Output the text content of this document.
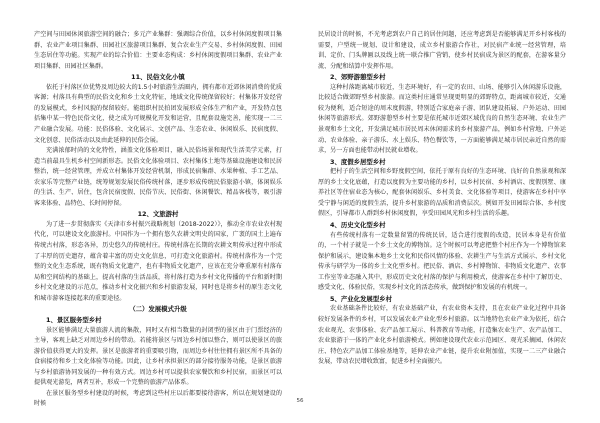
产空间与田园休闲旅游空间的融合；多元产业集群：强调综合价值，以乡村休闲度假项目集群、农业产业项目集群、田园社区旅游项目集群、复合农业生产交易、乡村休闲度假、田园生态居住等功能。实现产业的综合价值：主要业态构成：乡村休闲度假项目集群、农业产业项目集群、田园社区集群。

11、民俗文化小镇

依托于村落区位优势及周边较大的1.5小时旅游生活圈内，拥有都市近郊休闲消费的优质客源；村落具有典型的民俗文化和乡土文化特征，地域文化传统保留较好；村集体开发经营的发展模式，乡村风貌的保留较好。能组织村民拍团发展形成全体生产和产业，开发特点包括集中某一特色民俗文化，使之成为可规模化开发和运营，且配套设施完善，能实现一二三产业融合发展。功能：民俗体验、文化展示、文创产品、生态农业、休闲娱乐、民宿度假、文化创意、民俗活动以及由此延伸的民俗会展。

充满浓郁时尚的文化特性，涵盖文化体验项目，融入民俗场景和现代生活美学元素，打造当前最具生机乡村空间新形态。民俗文化体验项目、农村集体土地等基础设施建设和民居整治，统一经营管理，并成立村集体开发经营机制，形成民宿集群、水果种植、手工艺品、农家乐等完整产业链，统筹规划发展民俗传统村落，逐步形成传统民俗旅游小镇，体闲娱乐的生活、生产、居住，包含民宿度假、民俗节庆、民俗街、休闲餐饮、精品客栈等，吸引游客来体验、品特色、长时间停留。

12、文旅游村

为了进一步贯彻落实《天津市乡村振兴战略规划（2018-2022）》，推动全市农业农村现代化，可以建设文化旅游村。中国作为一个拥有悠久农耕文明史的国家，广袤的国土上遍布传统古村落，形态各异，历史悠久的传统村庄。传统村落在长期的农耕文明传承过程中形成了丰厚的历史遗存，蕴含着丰富的历史文化信息，可打造文化旅游村。传统村落作为一个完整的文化生态系统，既有物质文化遗产，也有非物质文化遗产，应该在充分尊重原有村落布局和空间结构的基础上，提高村落的生活品质，将村落打造为乡村文化传播的平台和新时期乡村文化建设的示范点，推动乡村文化振兴和乡村旅游发展，同时也是将乡村的原生态文化和城市游客连接起来的重要途径。

（二）发展模式升级
1、景区服务型乡村

景区能够满足大量旅游人流的集散，同时又有相当数量的封闭型的景区由于门票经济的主导，客观上缺乏对周边乡村的带动。若能将景区与周边乡村加以整合，则可以使景区的旅游价值获得更大的发挥。景区是旅游者的重要吸引物，而周边乡村往往拥有景区所不具备的食宿接待和乡土文化体验等功能。因此，让乡村承担景区的部分接待服务功能，是景区旅游与乡村旅游协同发展的一种有效方式。周边乡村可以提供农家餐饮和乡村民宿，而景区可以提供观光游览，两者互补，形成一个完整的旅游产品体系。

在景区服务型乡村建设的时候，考虑到这些村庄以后都要接待游客，所以在规划建设的时候

民居设计的时候，不光考虑到农户自己的居住问题，还应考虑到是否能够满足开乡村客栈的需要，户型统一规划、设计和建设，成立乡村旅游合作社，对民宿产业统一经营管理，培训、定价、门头牌匾以及线上统一联合推广营销，使乡村民宿成为景区的配套，在游客量分流、分配和结算中发挥作用。

2、郊野游憩型乡村

这种村落距离城市较近，生态环境好，有一定的农田、山场、能够引入休闲游乐设施，比较适合做郊野型乡村旅游。而这类村庄通常呈现更明显的郊野特点，距离城市较近，交通较为便利，适合短途的周末度假游，特别适合家庭亲子游、团队建设拓展、户外运动、田园休闲等旅游形式。郊野游憩型乡村主要是依托城市近郊区域优良的自然生态环境、农业生产景观和乡土文化，开发满足城市居民周末休闲需求的乡村旅游产品，例如乡村营地、户外运动、农业体验、亲子游乐、水上娱乐、特色餐饮等，一方面能够满足城市居民亲近自然的需求，另一方面也能带动村民就业增收。

3、度假乡居型乡村

把村子的生活空间和乡野度假空间，依托于原有良好的生态环境、良好的自然景观和深厚的乡土文化底蕴，打造以度假为主要功能的乡村，以乡村民宿、乡村酒店、度假别墅、康养社区等住宿业态为核心，配套休闲娱乐、乡村美食、文化体验等项目，使游客在乡村中享受宁静与闲适的度假生活，提升乡村旅游的品质和消费层次。例如开发田园综合体、乡村度假区，引导都市人群到乡村休闲度假，享受田园风光和乡村生活的乐趣。

4、历史文化型乡村

有些传统村落有一定数量留置的传统民居，适合进行度假的改造，民居本身是有价值的，一个村子就是一个乡土文化的博物馆。这个时候可以考虑把整个村庄作为一个博物馆来保护和展示，建设集本地乡土文化和民俗风情的体验、农耕生产与生活方式展示、乡村文化传承与研学为一体的乡土文化型乡村。把民俗、酒店、乡村博物馆、非物质文化遗产、农事工作室等业态融入其中，形成历史文化村落的保护与利用模式，使游客在乡村中了解历史、感受文化、体验民俗，实现乡村文化的活态传承，做到保护和发展的有机统一。

5、产业化发展型乡村

农业基础条件比较好，有农业基础产业，有农业资本支持，且在农业产业化过程中具备较好发展条件的乡村，可以发展农业产业化型乡村旅游。以当地特色农业产业为依托，结合农业观光、农事体验、农产品加工展示、科普教育等功能，打造集农业生产、农产品加工、农业旅游于一体的产业化乡村旅游模式。例如建设现代农业示范园区、观光采摘园、休闲农庄、特色农产品加工体验基地等，延伸农业产业链，提升农业附加值，实现一二三产业融合发展，带动农民增收致富，促进乡村全面振兴。

56
